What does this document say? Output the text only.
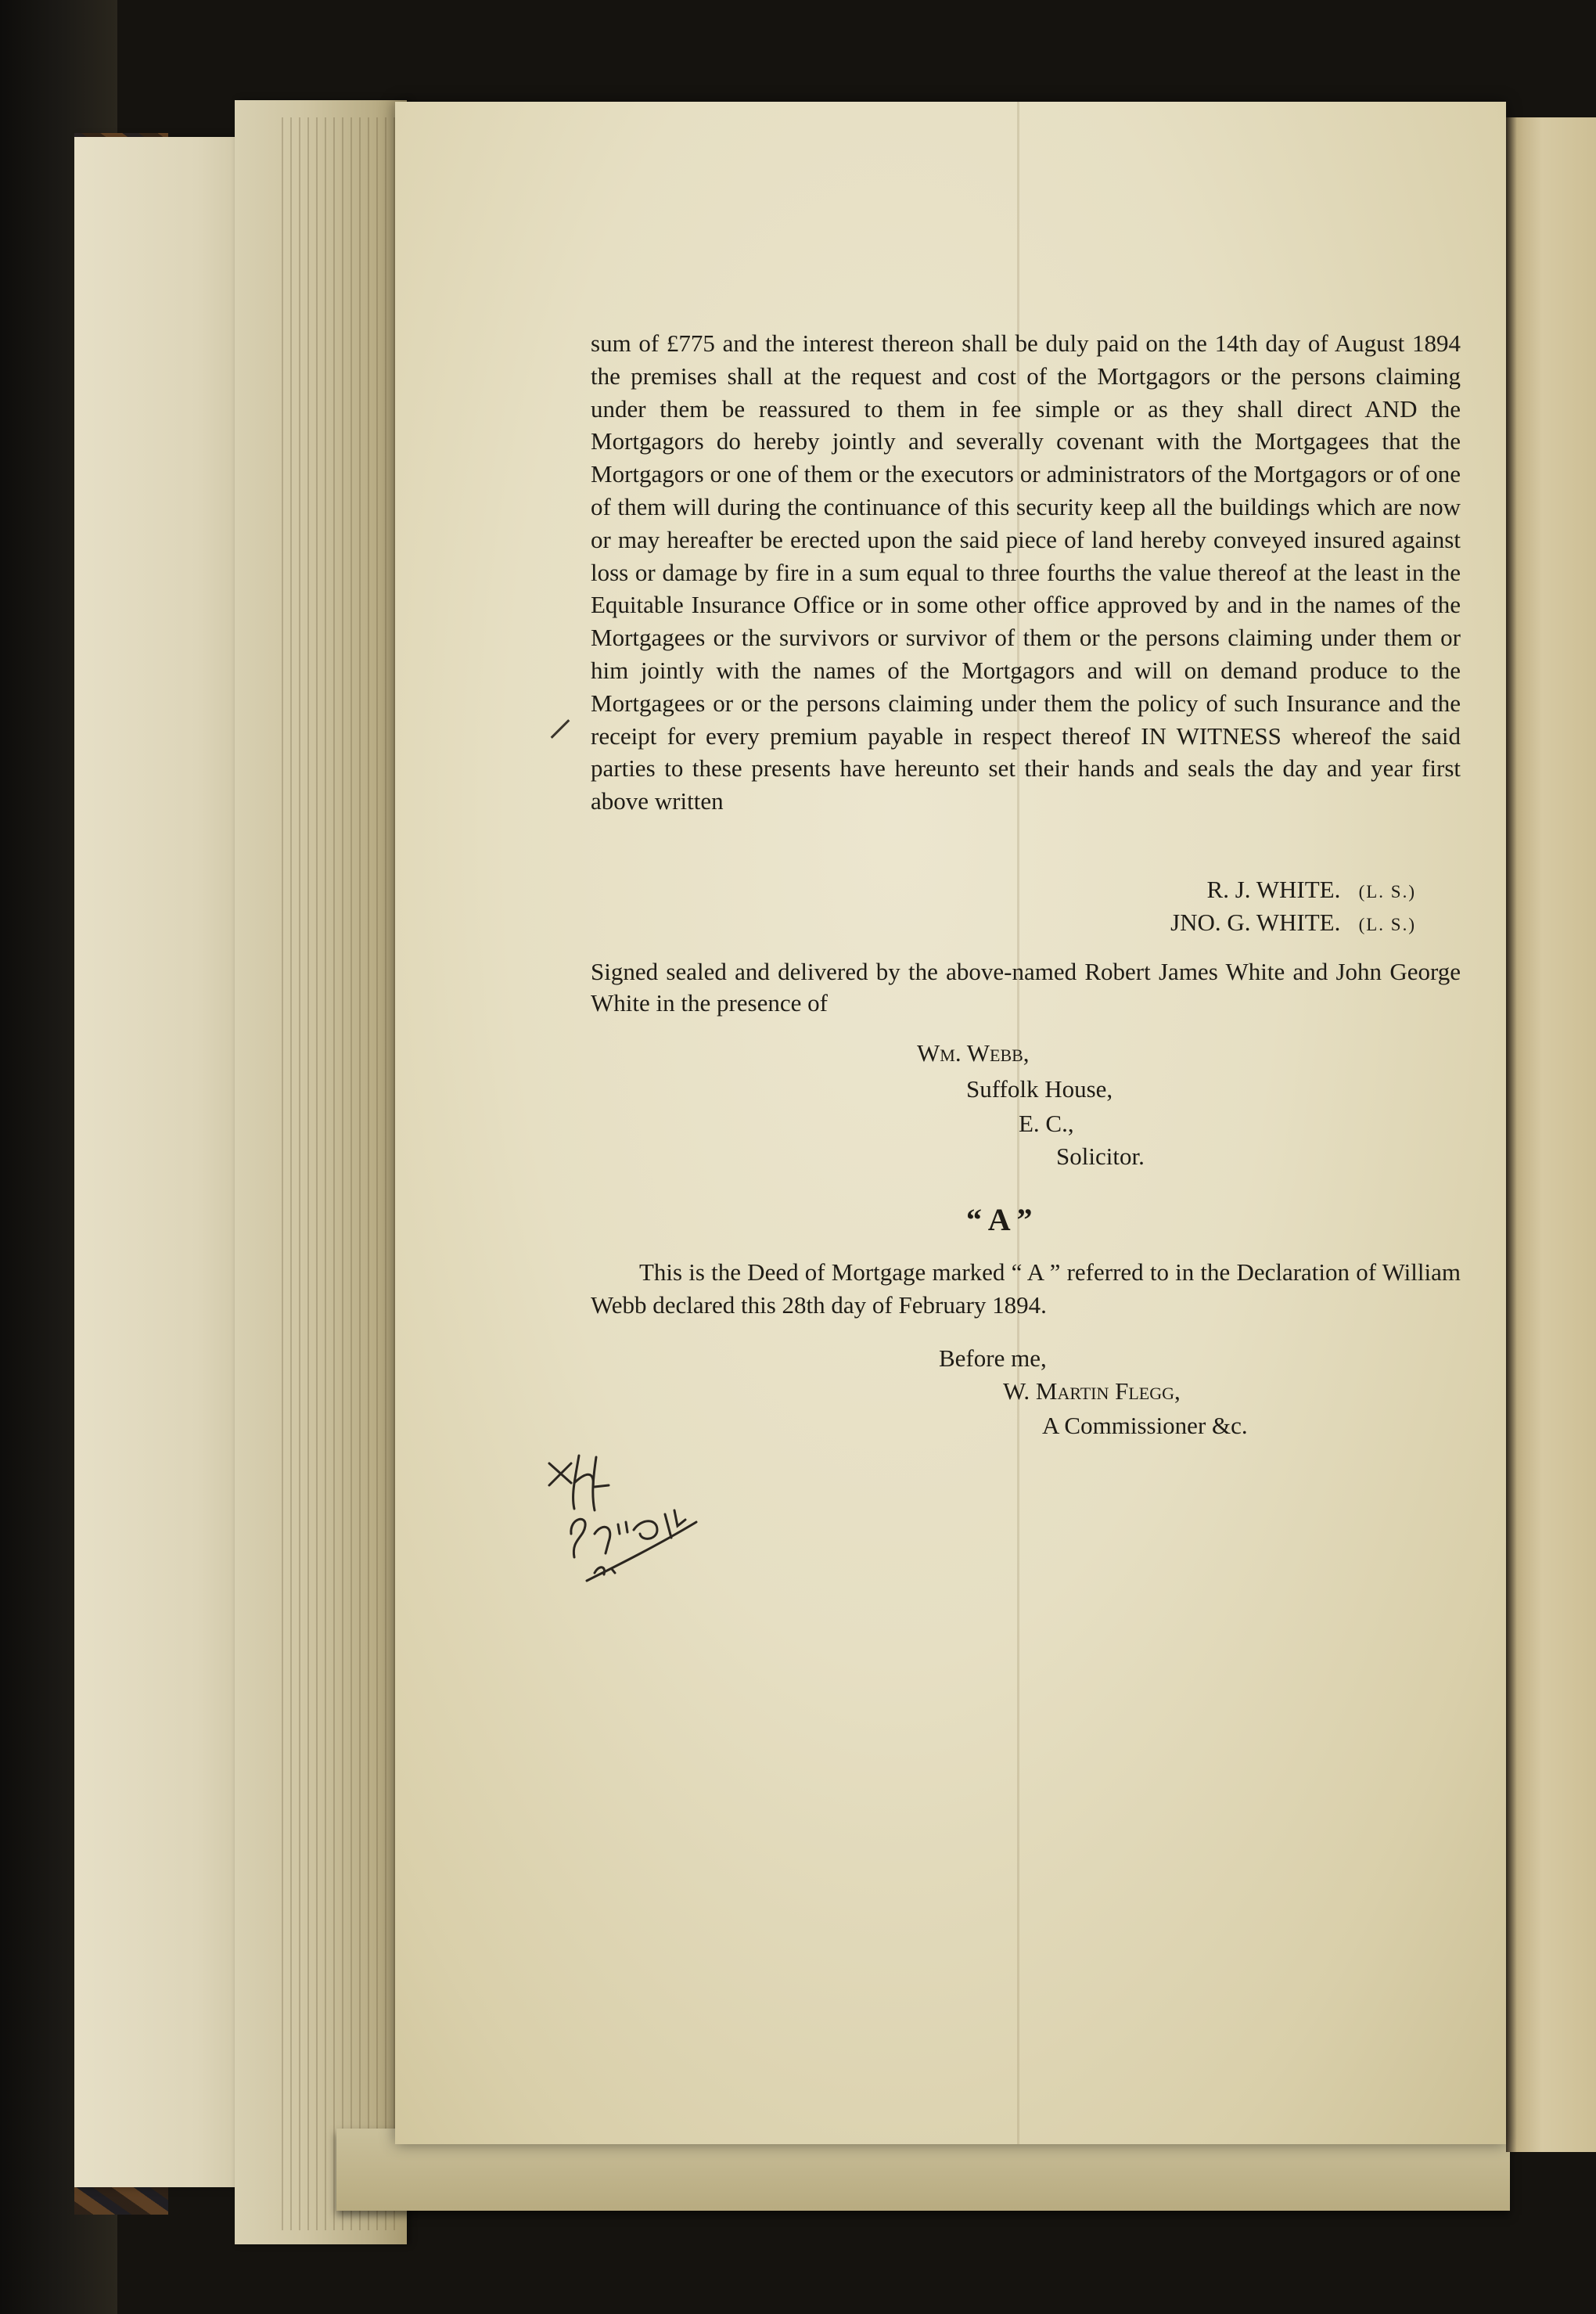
sum of £775 and the interest thereon shall be duly paid on the 14th day of August 1894 the premises shall at the request and cost of the Mortgagors or the persons claiming under them be reassured to them in fee simple or as they shall direct AND the Mortgagors do hereby jointly and severally covenant with the Mortgagees that the Mortgagors or one of them or the executors or administrators of the Mortgagors or of one of them will during the continuance of this security keep all the buildings which are now or may hereafter be erected upon the said piece of land hereby conveyed insured against loss or damage by fire in a sum equal to three fourths the value thereof at the least in the Equitable Insurance Office or in some other office approved by and in the names of the Mortgagees or the survivors or survivor of them or the persons claiming under them or him jointly with the names of the Mortgagors and will on demand produce to the Mortgagees or or the persons claiming under them the policy of such Insurance and the receipt for every premium payable in respect thereof IN WITNESS whereof the said parties to these presents have hereunto set their hands and seals the day and year first above written
R. J. WHITE. (L. S.)
JNO. G. WHITE. (L. S.)
Signed sealed and delivered by the above-named Robert James White and John George White in the presence of
Wm. Webb,
Suffolk House,
E. C.,
Solicitor.
“ A ”
This is the Deed of Mortgage marked “ A ” referred to in the Declaration of William Webb declared this 28th day of February 1894.
Before me,
W. Martin Flegg,
A Commissioner &c.
